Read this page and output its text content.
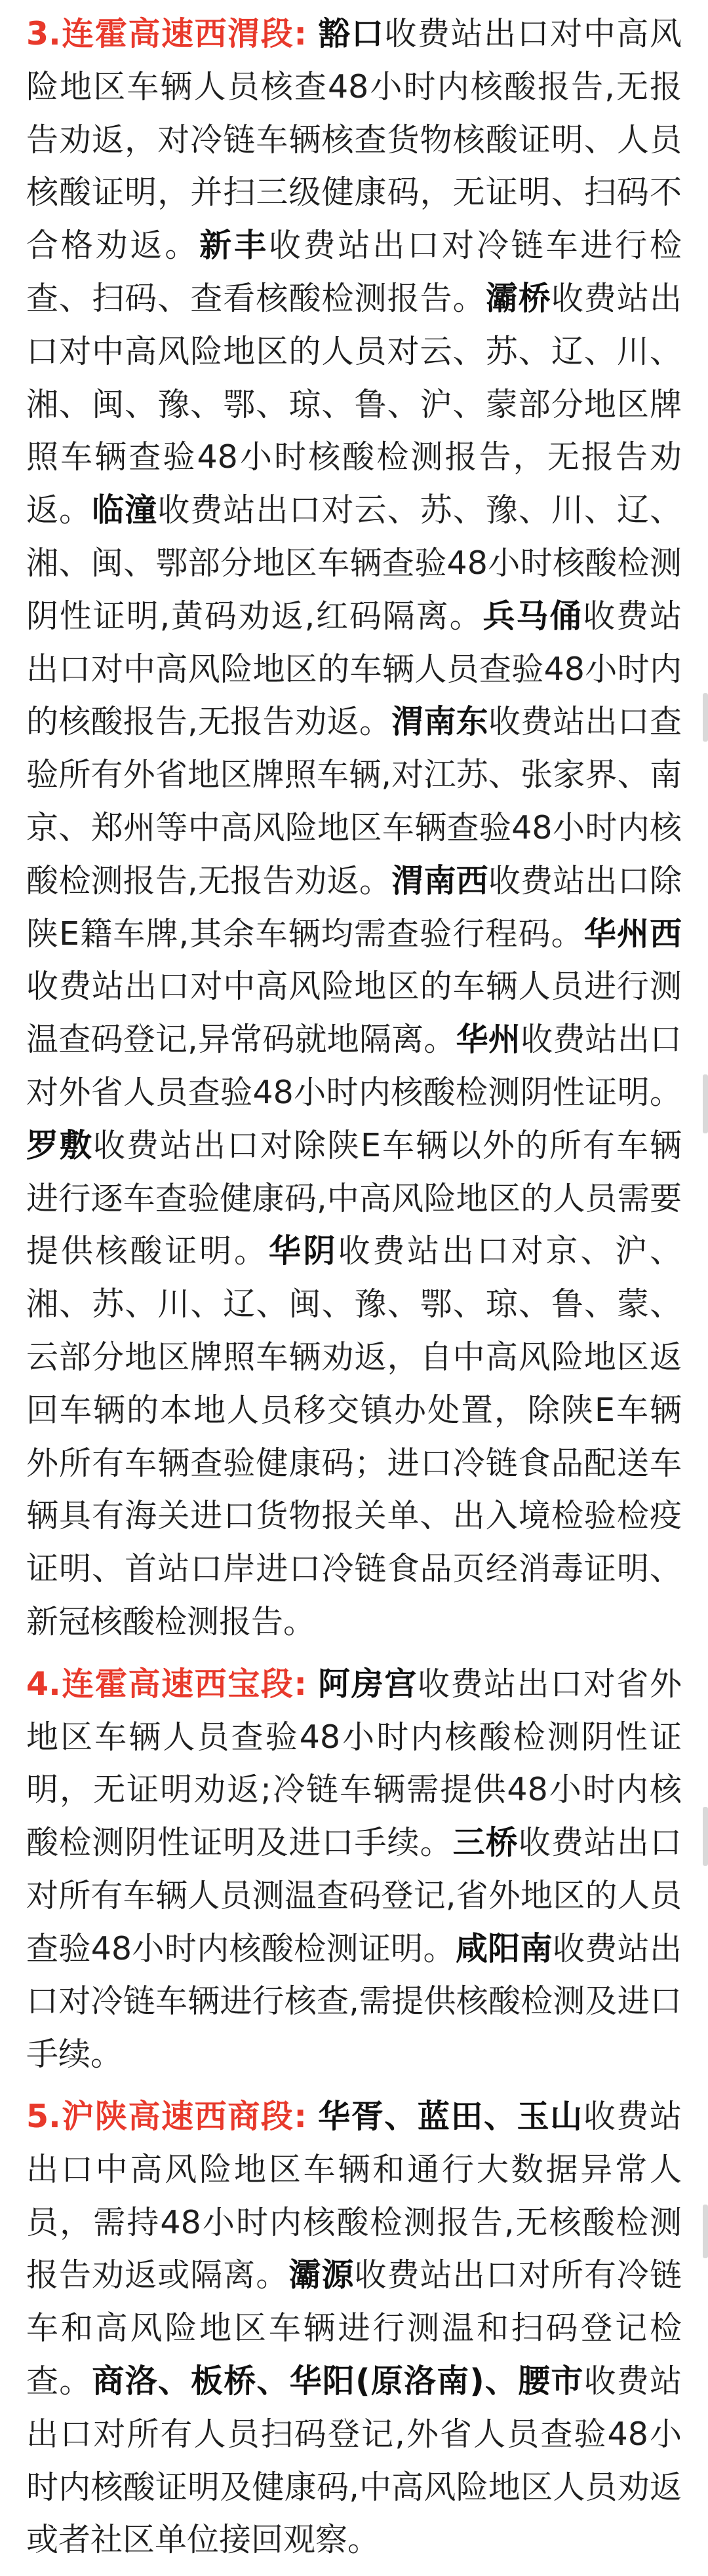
3.连霍高速西渭段: 豁口收费站出口对中高风险地区车辆人员核查48小时内核酸报告,无报告劝返，对冷链车辆核查货物核酸证明、人员核酸证明，并扫三级健康码，无证明、扫码不合格劝返。新丰收费站出口对冷链车进行检查、扫码、查看核酸检测报告。灞桥收费站出口对中高风险地区的人员对云、苏、辽、川、湘、闽、豫、鄂、琼、鲁、沪、蒙部分地区牌照车辆查验48小时核酸检测报告，无报告劝返。临潼收费站出口对云、苏、豫、川、辽、湘、闽、鄂部分地区车辆查验48小时核酸检测阴性证明,黄码劝返,红码隔离。兵马俑收费站出口对中高风险地区的车辆人员查验48小时内的核酸报告,无报告劝返。渭南东收费站出口查验所有外省地区牌照车辆,对江苏、张家界、南京、郑州等中高风险地区车辆查验48小时内核酸检测报告,无报告劝返。渭南西收费站出口除陕E籍车牌,其余车辆均需查验行程码。华州西收费站出口对中高风险地区的车辆人员进行测温查码登记,异常码就地隔离。华州收费站出口对外省人员查验48小时内核酸检测阴性证明。罗敷收费站出口对除陕E车辆以外的所有车辆进行逐车查验健康码,中高风险地区的人员需要提供核酸证明。华阴收费站出口对京、沪、湘、苏、川、辽、闽、豫、鄂、琼、鲁、蒙、云部分地区牌照车辆劝返，自中高风险地区返回车辆的本地人员移交镇办处置，除陕E车辆外所有车辆查验健康码；进口冷链食品配送车辆具有海关进口货物报关单、出入境检验检疫证明、首站口岸进口冷链食品页经消毒证明、新冠核酸检测报告。

4.连霍高速西宝段: 阿房宫收费站出口对省外地区车辆人员查验48小时内核酸检测阴性证明，无证明劝返;冷链车辆需提供48小时内核酸检测阴性证明及进口手续。三桥收费站出口对所有车辆人员测温查码登记,省外地区的人员查验48小时内核酸检测证明。咸阳南收费站出口对冷链车辆进行核查,需提供核酸检测及进口手续。

5.沪陕高速西商段: 华胥、蓝田、玉山收费站出口中高风险地区车辆和通行大数据异常人员，需持48小时内核酸检测报告,无核酸检测报告劝返或隔离。灞源收费站出口对所有冷链车和高风险地区车辆进行测温和扫码登记检查。商洛、板桥、华阳(原洛南)、腰市收费站出口对所有人员扫码登记,外省人员查验48小时内核酸证明及健康码,中高风险地区人员劝返或者社区单位接回观察。
